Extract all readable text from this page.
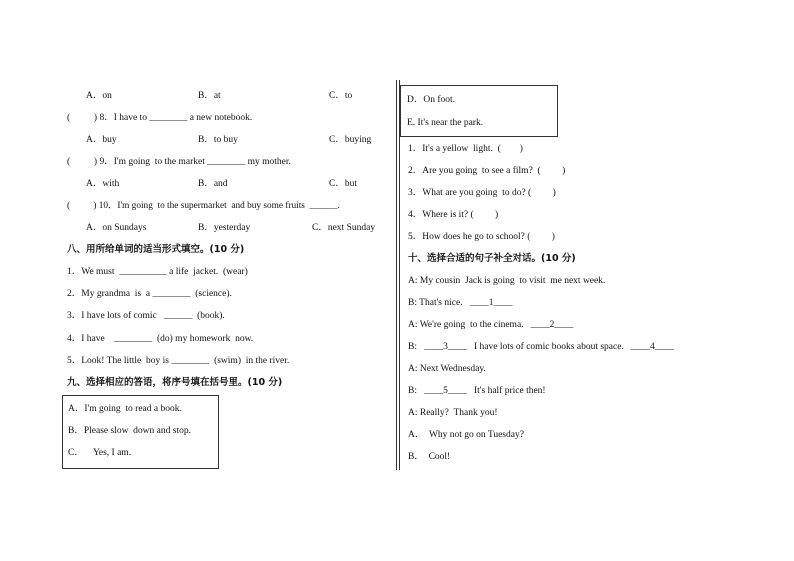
A．on	B．at	C．to
(          ) 8．I have to ________ a new notebook.
A．buy	B．to buy	C．buying
(          ) 9．I'm going  to the market ________ my mother.
A．with	B．and	C．but
(          ) 10．I'm going  to the supermarket  and buy some fruits  ______.
A．on Sundays	B．yesterday	C．next Sunday
八、用所给单词的适当形式填空。(10 分)
1．We must  __________ a life  jacket.  (wear)
2．My grandma  is  a ________  (science).
3．I have lots of comic   ______  (book).
4．I have    ________  (do) my homework  now.
5．Look! The little  boy is ________  (swim)  in the river.
九、选择相应的答语，将序号填在括号里。(10 分)
A．I'm going  to read a book.
B．Please slow  down and stop.
C．    Yes, I am.
D．On foot.
E. It's near the park.
1．It's a yellow  light.  (        )
2．Are you going  to see a film?  (         )
3．What are you going  to do? (         )
4．Where is it? (         )
5．How does he go to school? (         )
十、选择合适的句子补全对话。(10 分)
A: My cousin  Jack is going  to visit  me next week.
B: That's nice.   ____1____
A: We're going  to the cinema.   ____2____
B:   ____3____   I have lots of comic books about space.   ____4____
A: Next Wednesday.
B:   ____5____   It's half price then!
A: Really?  Thank you!
A．  Why not go on Tuesday?
B．  Cool!
